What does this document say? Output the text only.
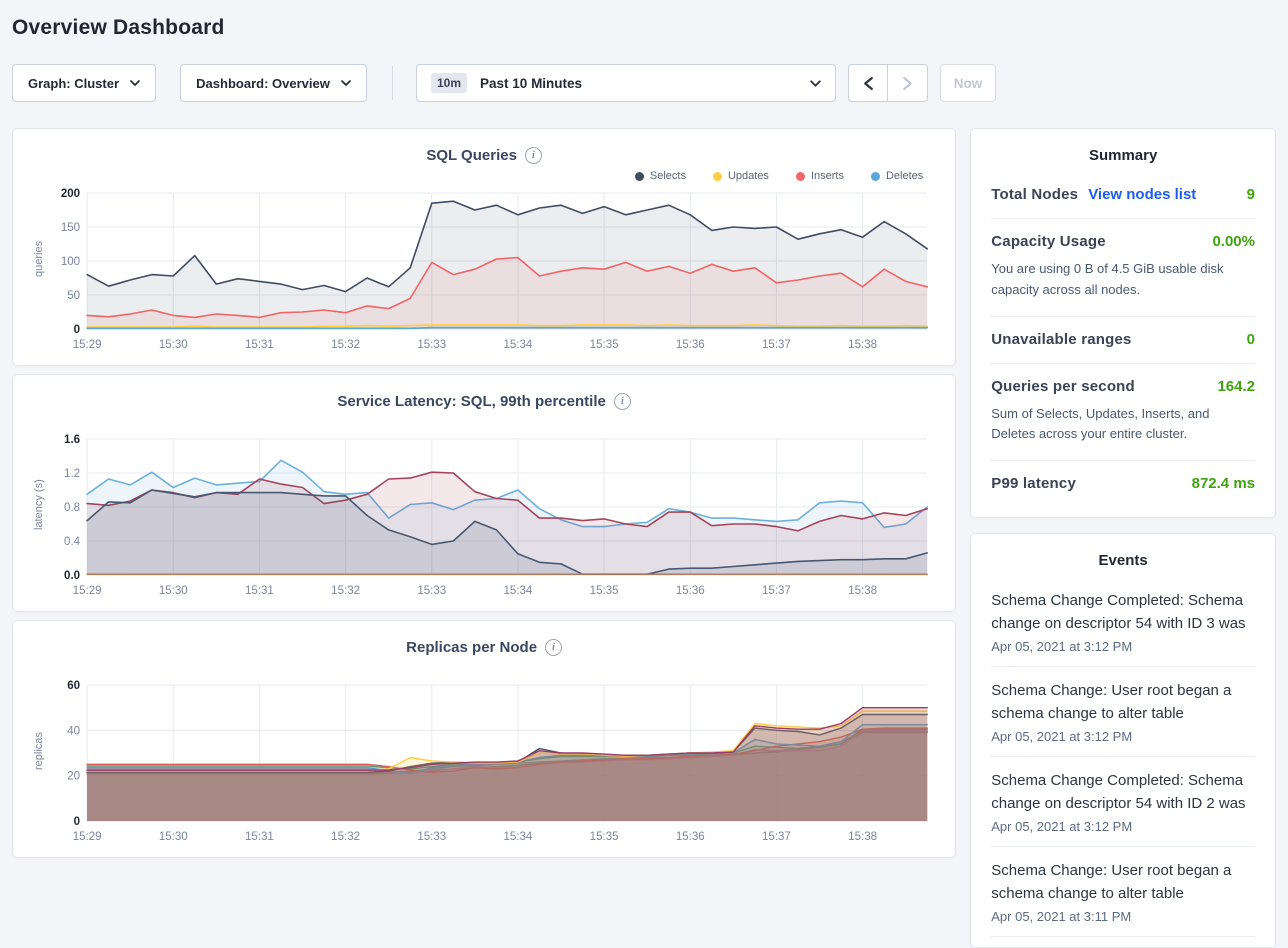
Overview Dashboard
Graph: Cluster	Dashboard: Overview	10m	Past 10 Minutes	Now
SQL Queries
i
Selects	Updates	Inserts	Deletes
queries
15:29	15:30	15:31	15:32	15:33	15:34	15:35	15:36	15:37	15:38
0
50
100
150
200
Service Latency: SQL, 99th percentile
i
latency (s)
15:29	15:30	15:31	15:32	15:33	15:34	15:35	15:36	15:37	15:38
0.0
0.4
0.8
1.2
1.6
Replicas per Node
i
replicas
15:29	15:30	15:31	15:32	15:33	15:34	15:35	15:36	15:37	15:38
0
20
40
60
Summary
Total Nodes View nodes list	9
Capacity Usage	0.00%
You are using 0 B of 4.5 GiB usable disk capacity across all nodes.
Unavailable ranges	0
Queries per second	164.2
Sum of Selects, Updates, Inserts, and Deletes across your entire cluster.
P99 latency	872.4 ms
Events
Schema Change Completed: Schema change on descriptor 54 with ID 3 was
Apr 05, 2021 at 3:12 PM
Schema Change: User root began a schema change to alter table
Apr 05, 2021 at 3:12 PM
Schema Change Completed: Schema change on descriptor 54 with ID 2 was
Apr 05, 2021 at 3:12 PM
Schema Change: User root began a schema change to alter table
Apr 05, 2021 at 3:11 PM
